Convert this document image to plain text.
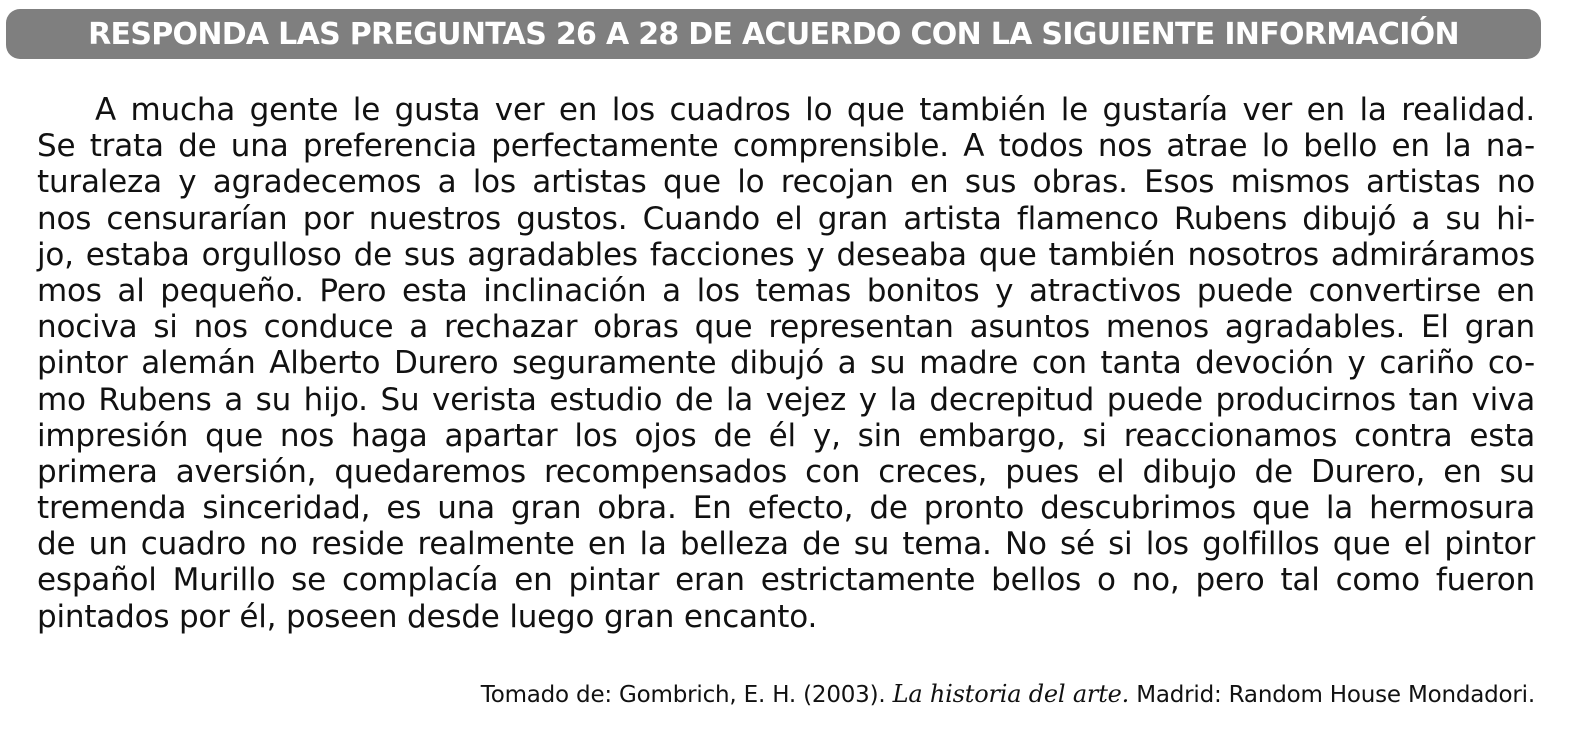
RESPONDA LAS PREGUNTAS 26 A 28 DE ACUERDO CON LA SIGUIENTE INFORMACIÓN
A mucha gente le gusta ver en los cuadros lo que también le gustaría ver en la realidad.
Se trata de una preferencia perfectamente comprensible. A todos nos atrae lo bello en la na-
turaleza y agradecemos a los artistas que lo recojan en sus obras. Esos mismos artistas no
nos censurarían por nuestros gustos. Cuando el gran artista flamenco Rubens dibujó a su hi-
jo, estaba orgulloso de sus agradables facciones y deseaba que también nosotros admiráramos
mos al pequeño. Pero esta inclinación a los temas bonitos y atractivos puede convertirse en
nociva si nos conduce a rechazar obras que representan asuntos menos agradables. El gran
pintor alemán Alberto Durero seguramente dibujó a su madre con tanta devoción y cariño co-
mo Rubens a su hijo. Su verista estudio de la vejez y la decrepitud puede producirnos tan viva
impresión que nos haga apartar los ojos de él y, sin embargo, si reaccionamos contra esta
primera aversión, quedaremos recompensados con creces, pues el dibujo de Durero, en su
tremenda sinceridad, es una gran obra. En efecto, de pronto descubrimos que la hermosura
de un cuadro no reside realmente en la belleza de su tema. No sé si los golfillos que el pintor
español Murillo se complacía en pintar eran estrictamente bellos o no, pero tal como fueron
pintados por él, poseen desde luego gran encanto.
Tomado de: Gombrich, E. H. (2003). La historia del arte. Madrid: Random House Mondadori.
